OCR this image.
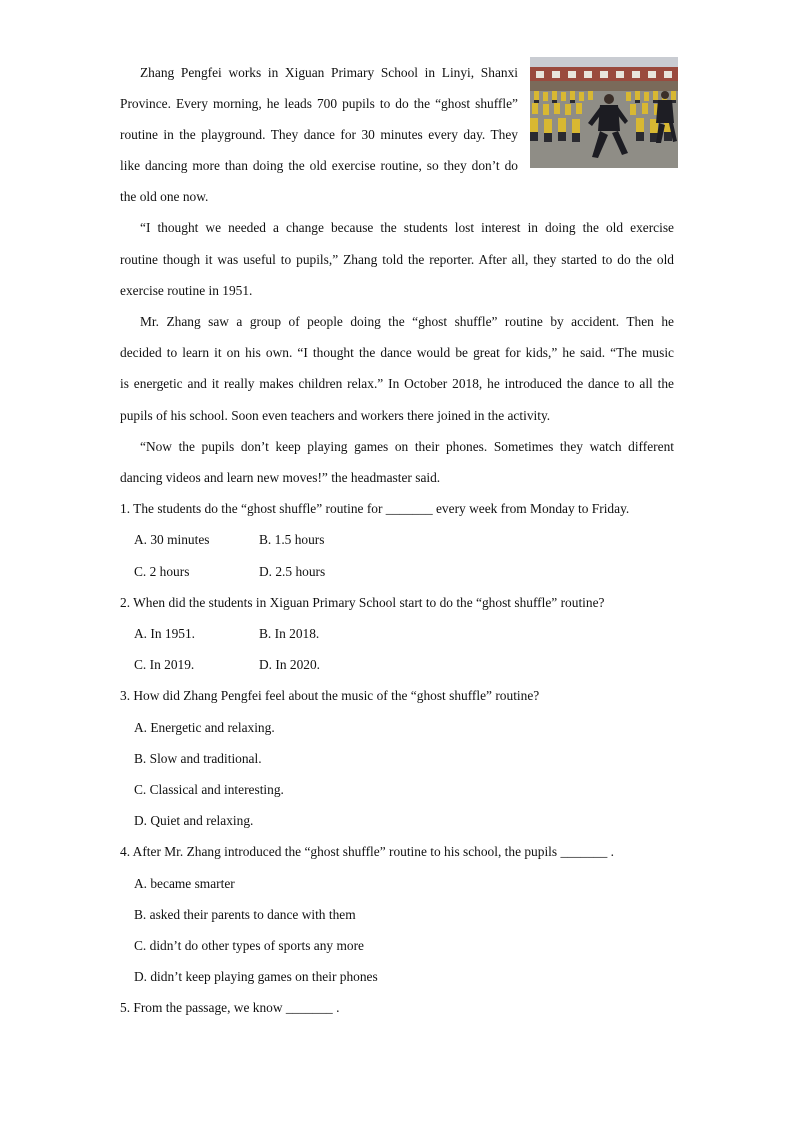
Zhang Pengfei works in Xiguan Primary School in Linyi, Shanxi
Province. Every morning, he leads 700 pupils to do the “ghost shuffle”
routine in the playground. They dance for 30 minutes every day. They
like dancing more than doing the old exercise routine, so they don’t do
the old one now.
“I thought we needed a change because the students lost interest in doing the old exercise
routine though it was useful to pupils,” Zhang told the reporter. After all, they started to do the old
exercise routine in 1951.
Mr. Zhang saw a group of people doing the “ghost shuffle” routine by accident. Then he
decided to learn it on his own. “I thought the dance would be great for kids,” he said. “The music
is energetic and it really makes children relax.” In October 2018, he introduced the dance to all the
pupils of his school. Soon even teachers and workers there joined in the activity.
“Now the pupils don’t keep playing games on their phones. Sometimes they watch different
dancing videos and learn new moves!” the headmaster said.
1. The students do the “ghost shuffle” routine for _______ every week from Monday to Friday.
A. 30 minutes	B. 1.5 hours
C. 2 hours	D. 2.5 hours
2. When did the students in Xiguan Primary School start to do the “ghost shuffle” routine?
A. In 1951.	B. In 2018.
C. In 2019.	D. In 2020.
3. How did Zhang Pengfei feel about the music of the “ghost shuffle” routine?
A. Energetic and relaxing.
B. Slow and traditional.
C. Classical and interesting.
D. Quiet and relaxing.
4. After Mr. Zhang introduced the “ghost shuffle” routine to his school, the pupils _______ .
A. became smarter
B. asked their parents to dance with them
C. didn’t do other types of sports any more
D. didn’t keep playing games on their phones
5. From the passage, we know _______ .
